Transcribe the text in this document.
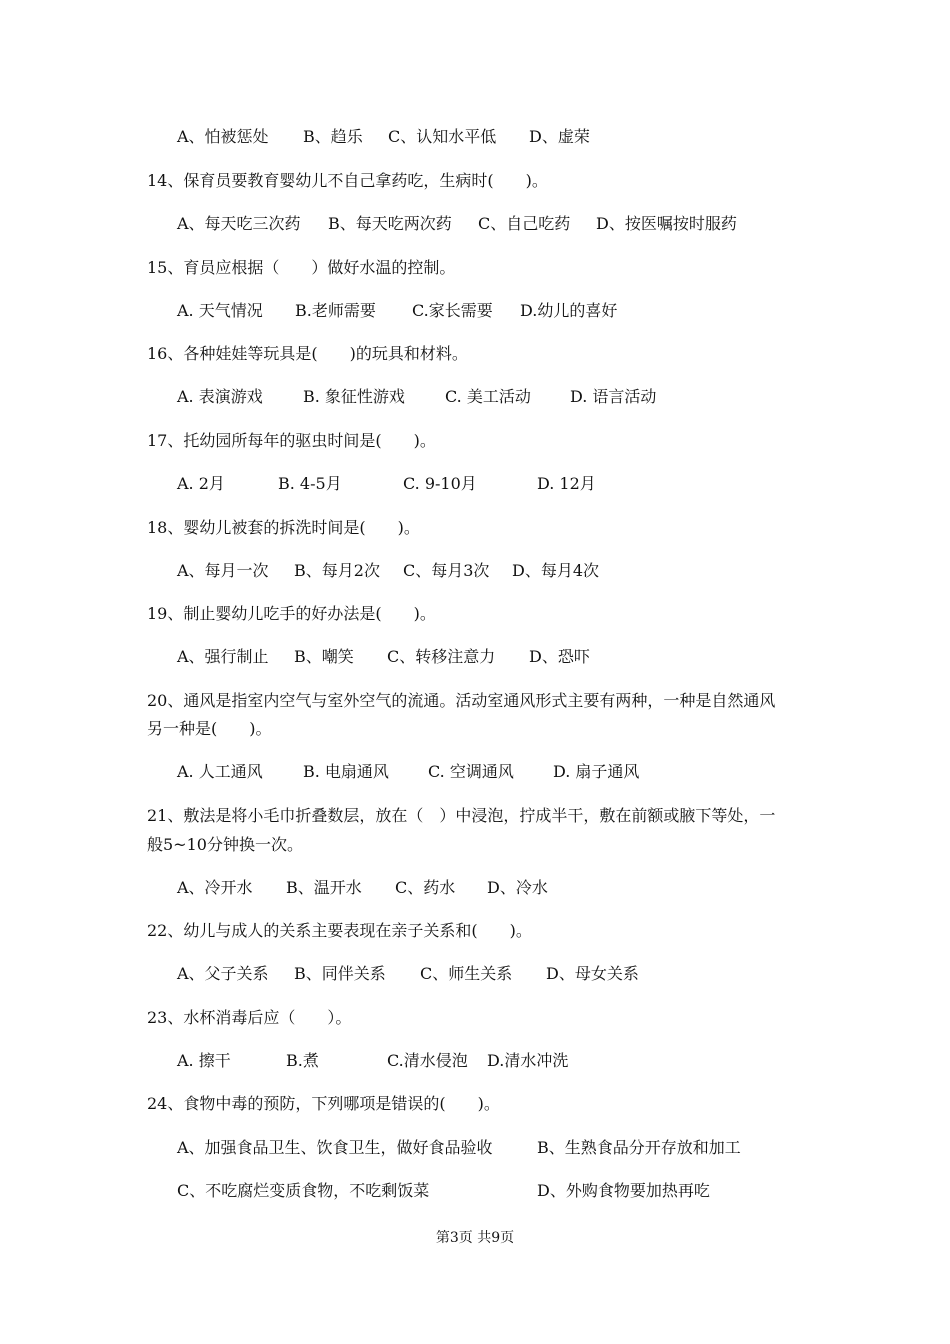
A、怕被惩处 B、趋乐 C、认知水平低 D、虚荣
14、保育员要教育婴幼儿不自己拿药吃，生病时(　　)。
A、每天吃三次药 B、每天吃两次药 C、自己吃药 D、按医嘱按时服药
15、育员应根据（　　）做好水温的控制。
A. 天气情况 B.老师需要 C.家长需要 D.幼儿的喜好
16、各种娃娃等玩具是(　　)的玩具和材料。
A. 表演游戏	B. 象征性游戏	C. 美工活动 D. 语言活动
17、托幼园所每年的驱虫时间是(　　)。
A. 2月	B. 4-5月	C. 9-10月	D. 12月
18、婴幼儿被套的拆洗时间是(　　)。
A、每月一次 B、每月2次 C、每月3次 D、每月4次
19、制止婴幼儿吃手的好办法是(　　)。
A、强行制止 B、嘲笑 C、转移注意力 D、恐吓
20、通风是指室内空气与室外空气的流通。活动室通风形式主要有两种，一种是自然通风
另一种是(　　)。
A. 人工通风	B. 电扇通风 C. 空调通风 D. 扇子通风
21、敷法是将小毛巾折叠数层，放在（　）中浸泡，拧成半干，敷在前额或腋下等处，一
般5~10分钟换一次。
A、冷开水 B、温开水 C、药水 D、冷水
22、幼儿与成人的关系主要表现在亲子关系和(　　)。
A、父子关系 B、同伴关系 C、师生关系 D、母女关系
23、水杯消毒后应（　　）。
A. 擦干	B.煮	C.清水侵泡 D.清水冲洗
24、食物中毒的预防，下列哪项是错误的(　　)。
A、加强食品卫生、饮食卫生，做好食品验收	B、生熟食品分开存放和加工
C、不吃腐烂变质食物，不吃剩饭菜	D、外购食物要加热再吃
第3页 共9页
